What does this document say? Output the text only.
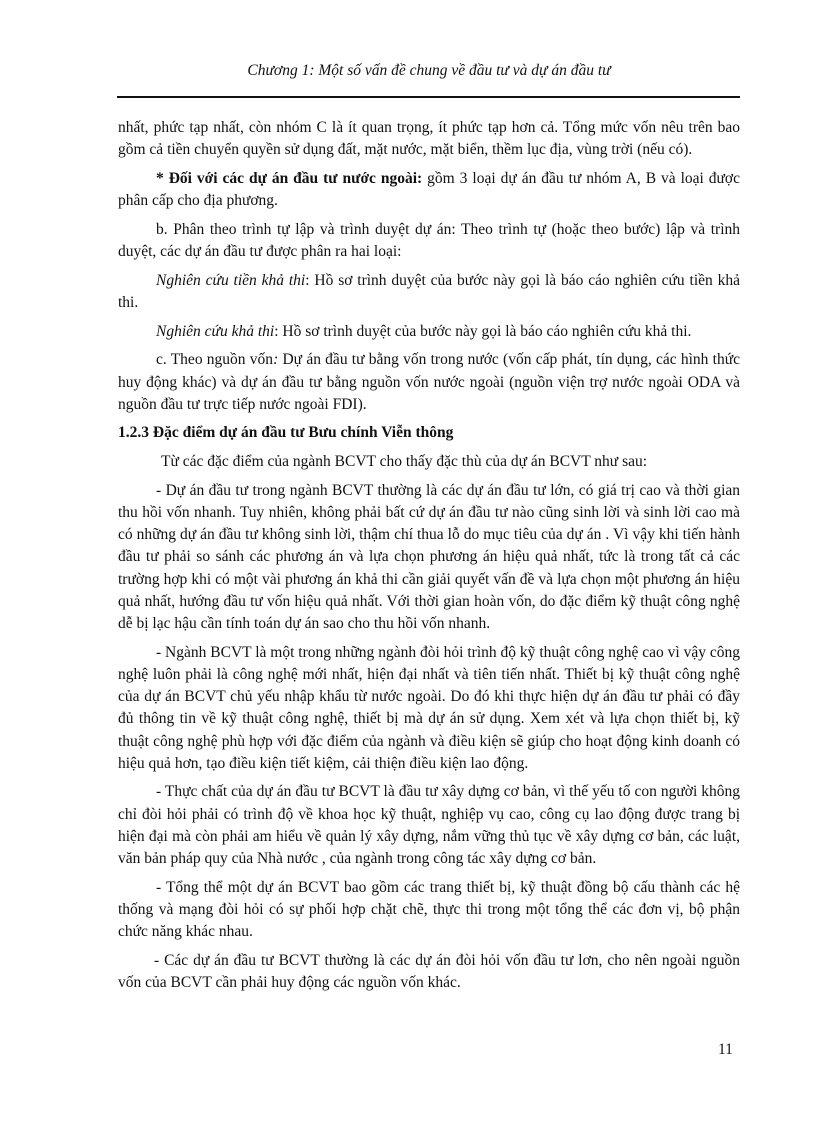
Chương 1: Một số vấn đề chung về đầu tư và dự án đầu tư

nhất, phức tạp nhất, còn nhóm C là ít quan trọng, ít phức tạp hơn cả. Tổng mức vốn nêu trên bao gồm cả tiền chuyển quyền sử dụng đất, mặt nước, mặt biển, thềm lục địa, vùng trời (nếu có).

* Đối với các dự án đầu tư nước ngoài: gồm 3 loại dự án đầu tư nhóm A, B và loại được phân cấp cho địa phương.

b. Phân theo trình tự lập và trình duyệt dự án: Theo trình tự (hoặc theo bước) lập và trình duyệt, các dự án đầu tư được phân ra hai loại:

Nghiên cứu tiền khả thi: Hồ sơ trình duyệt của bước này gọi là báo cáo nghiên cứu tiền khả thi.

Nghiên cứu khả thi: Hồ sơ trình duyệt của bước này gọi là báo cáo nghiên cứu khả thi.

c. Theo nguồn vốn: Dự án đầu tư bằng vốn trong nước (vốn cấp phát, tín dụng, các hình thức huy động khác) và dự án đầu tư bằng nguồn vốn nước ngoài (nguồn viện trợ nước ngoài ODA và nguồn đầu tư trực tiếp nước ngoài FDI).

1.2.3 Đặc điểm dự án đầu tư Bưu chính Viễn thông

Từ các đặc điểm của ngành BCVT cho thấy đặc thù của dự án BCVT như sau:

- Dự án đầu tư trong ngành BCVT thường là các dự án đầu tư lớn, có giá trị cao và thời gian thu hồi vốn nhanh. Tuy nhiên, không phải bất cứ dự án đầu tư nào cũng sinh lời và sinh lời cao mà có những dự án đầu tư không sinh lời, thậm chí thua lỗ do mục tiêu của dự án . Vì vậy khi tiến hành đầu tư phải so sánh các phương án và lựa chọn phương án hiệu quả nhất, tức là trong tất cả các trường hợp khi có một vài phương án khả thi cần giải quyết vấn đề và lựa chọn một phương án hiệu quả nhất, hướng đầu tư vốn hiệu quả nhất. Với thời gian hoàn vốn, do đặc điểm kỹ thuật công nghệ dễ bị lạc hậu cần tính toán dự án sao cho thu hồi vốn nhanh.

- Ngành BCVT là một trong những ngành đòi hỏi trình độ kỹ thuật công nghệ cao vì vậy công nghệ luôn phải là công nghệ mới nhất, hiện đại nhất và tiên tiến nhất. Thiết bị kỹ thuật công nghệ của dự án BCVT chủ yếu nhập khẩu từ nước ngoài. Do đó khi thực hiện dự án đầu tư phải có đầy đủ thông tin về kỹ thuật công nghệ, thiết bị mà dự án sử dụng. Xem xét và lựa chọn thiết bị, kỹ thuật công nghệ phù hợp với đặc điểm của ngành và điều kiện sẽ giúp cho hoạt động kinh doanh có hiệu quả hơn, tạo điều kiện tiết kiệm, cải thiện điều kiện lao động.

- Thực chất của dự án đầu tư BCVT là đầu tư xây dựng cơ bản, vì thế yếu tố con người không chỉ đòi hỏi phải có trình độ về khoa học kỹ thuật, nghiệp vụ cao, công cụ lao động được trang bị hiện đại mà còn phải am hiểu về quản lý xây dựng, nắm vững thủ tục về xây dựng cơ bản, các luật, văn bản pháp quy của Nhà nước , của ngành trong công tác xây dựng cơ bản.

- Tổng thể một dự án BCVT bao gồm các trang thiết bị, kỹ thuật đồng bộ cấu thành các hệ thống và mạng đòi hỏi có sự phối hợp chặt chẽ, thực thi trong một tổng thể các đơn vị, bộ phận chức năng khác nhau.

- Các dự án đầu tư BCVT thường là các dự án đòi hỏi vốn đầu tư lơn, cho nên ngoài nguồn vốn của BCVT cần phải huy động các nguồn vốn khác.

11
